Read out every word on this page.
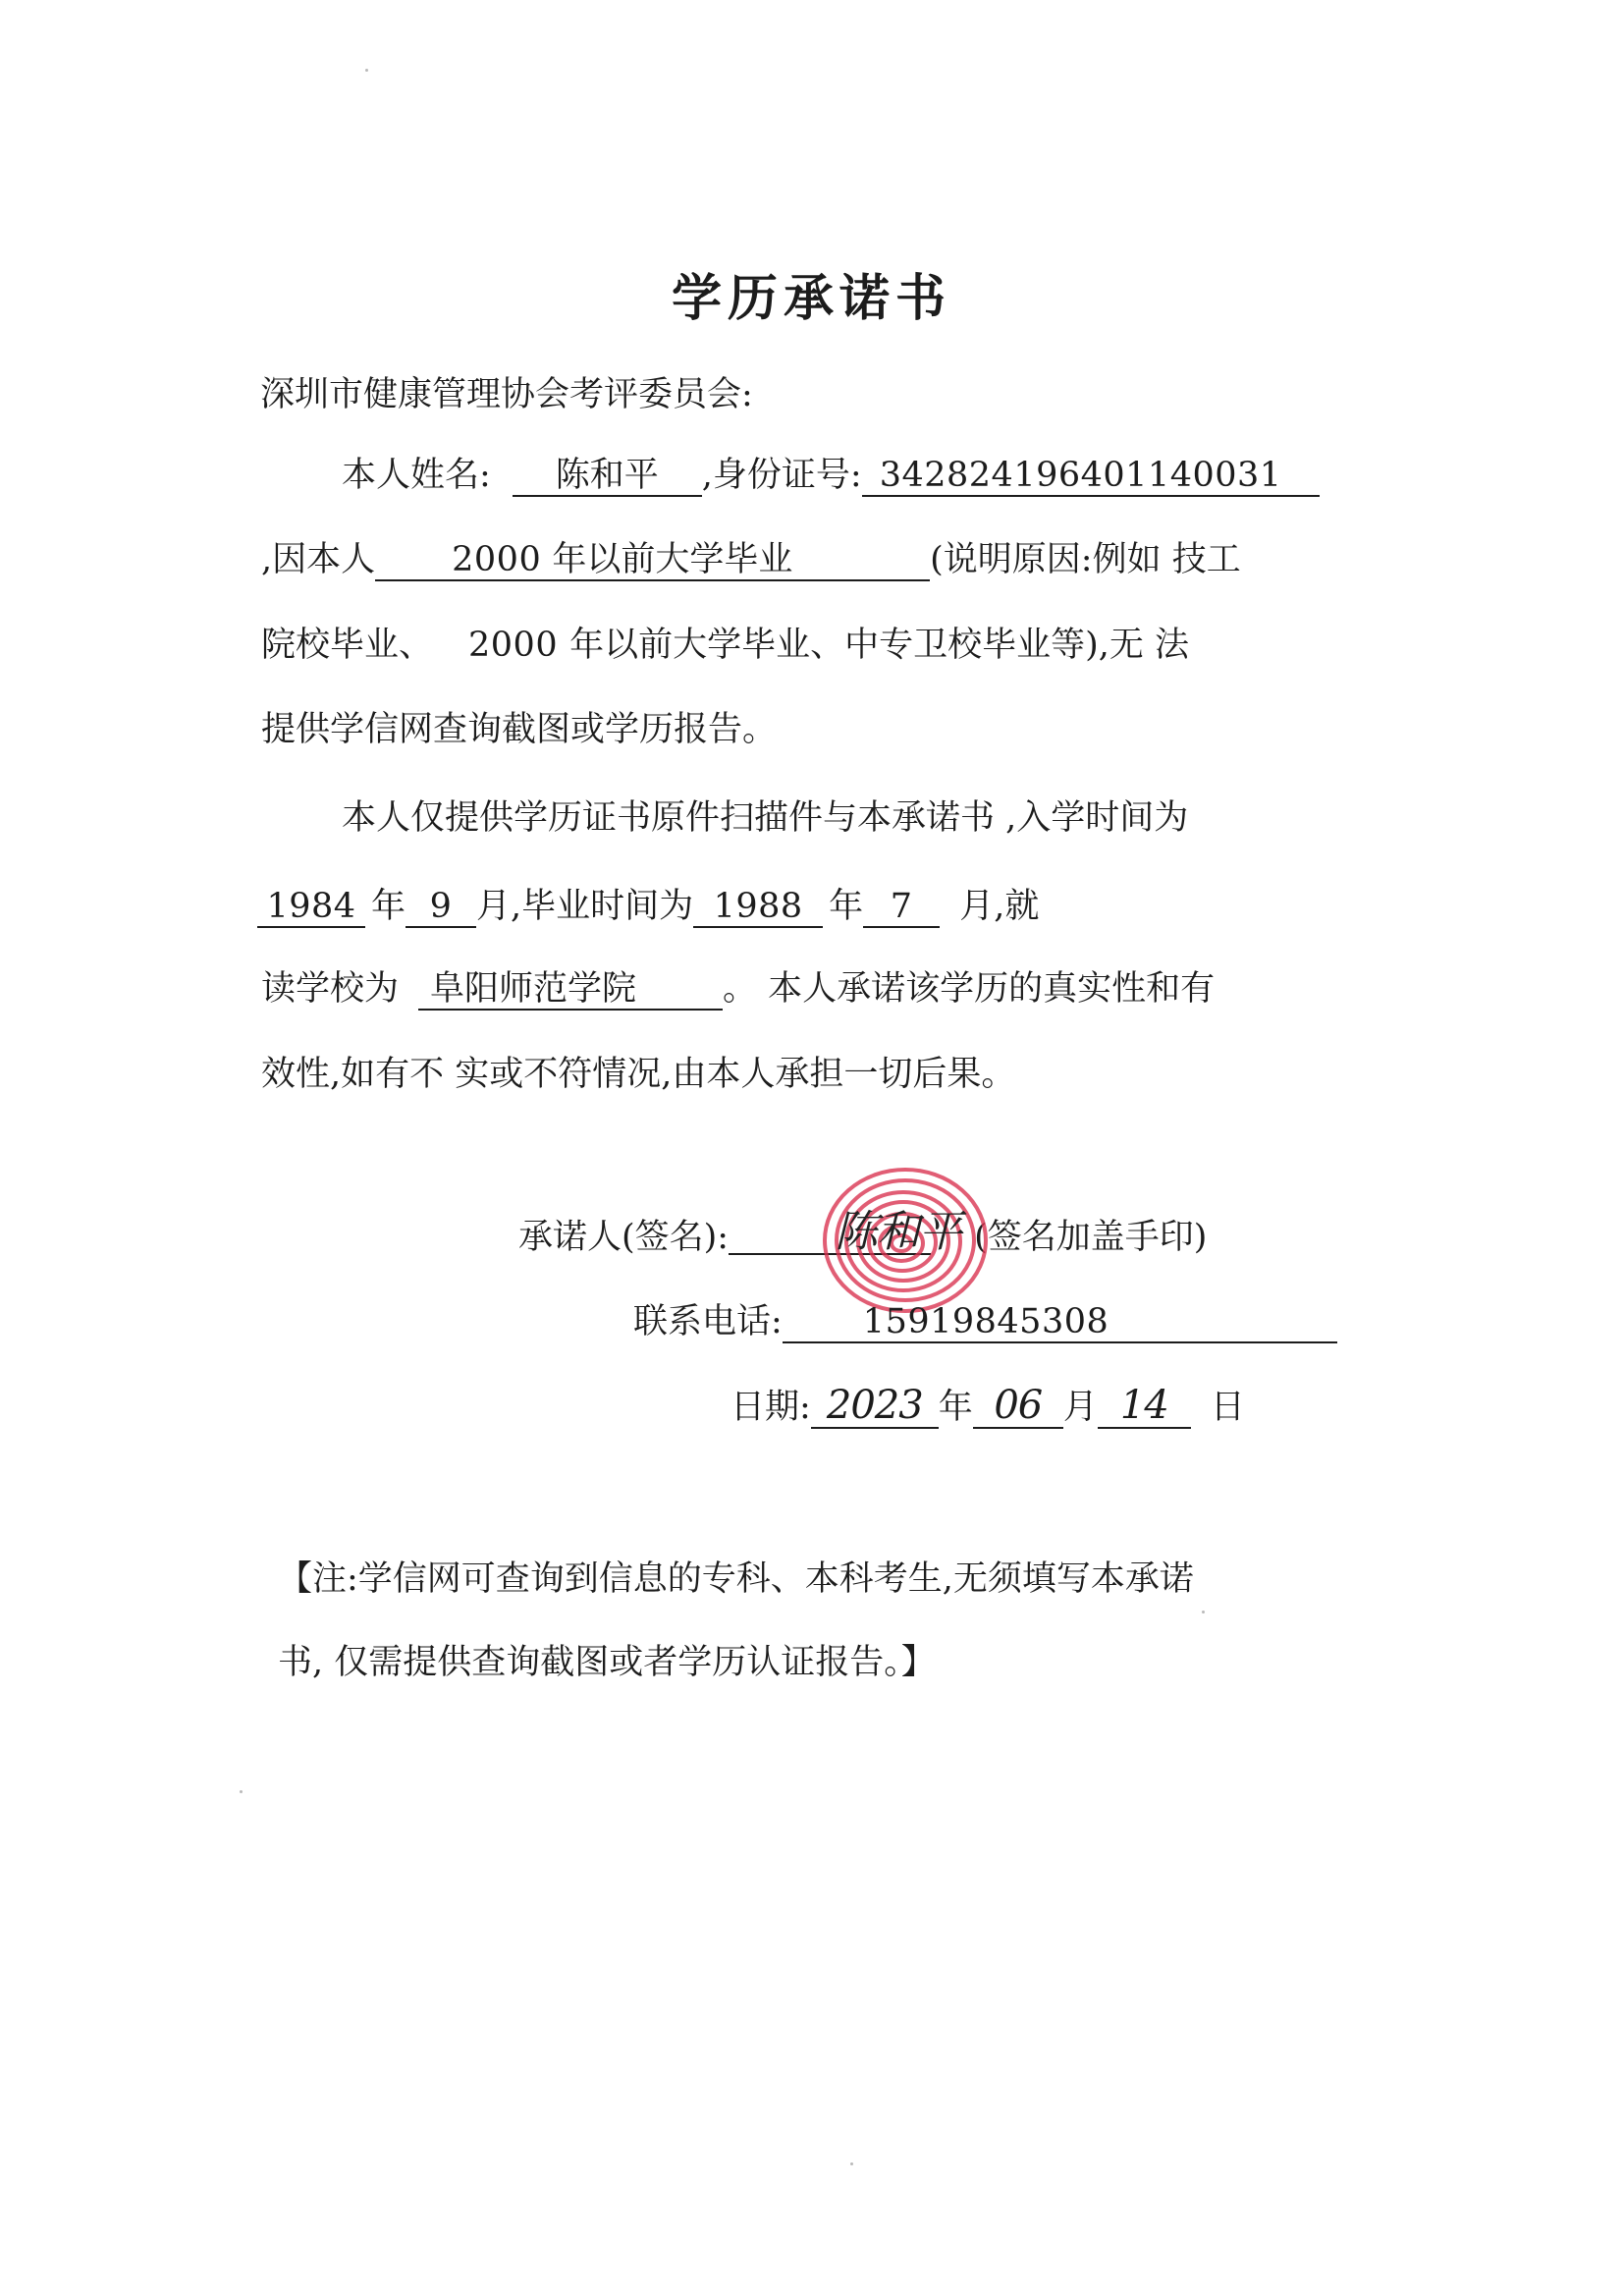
学历承诺书
深圳市健康管理协会考评委员会:
本人姓名: 陈和平 ,身份证号: 342824196401140031
,因本人 2000 年以前大学毕业	(说明原因:例如 技工
院校毕业、 2000 年以前大学毕业、中专卫校毕业等),无 法
提供学信网查询截图或学历报告。
本人仅提供学历证书原件扫描件与本承诺书 ,入学时间为
1984 年 9 月,毕业时间为 1988 年 7 月,就
读学校为 阜阳师范学院	。 本人承诺该学历的真实性和有
效性,如有不 实或不符情况,由本人承担一切后果。
承诺人(签名):	(签名加盖手印)
陈和平
联系电话: 15919845308
日期: 2023 年 06 月 14 日
【注:学信网可查询到信息的专科、本科考生,无须填写本承诺
书, 仅需提供查询截图或者学历认证报告。】
